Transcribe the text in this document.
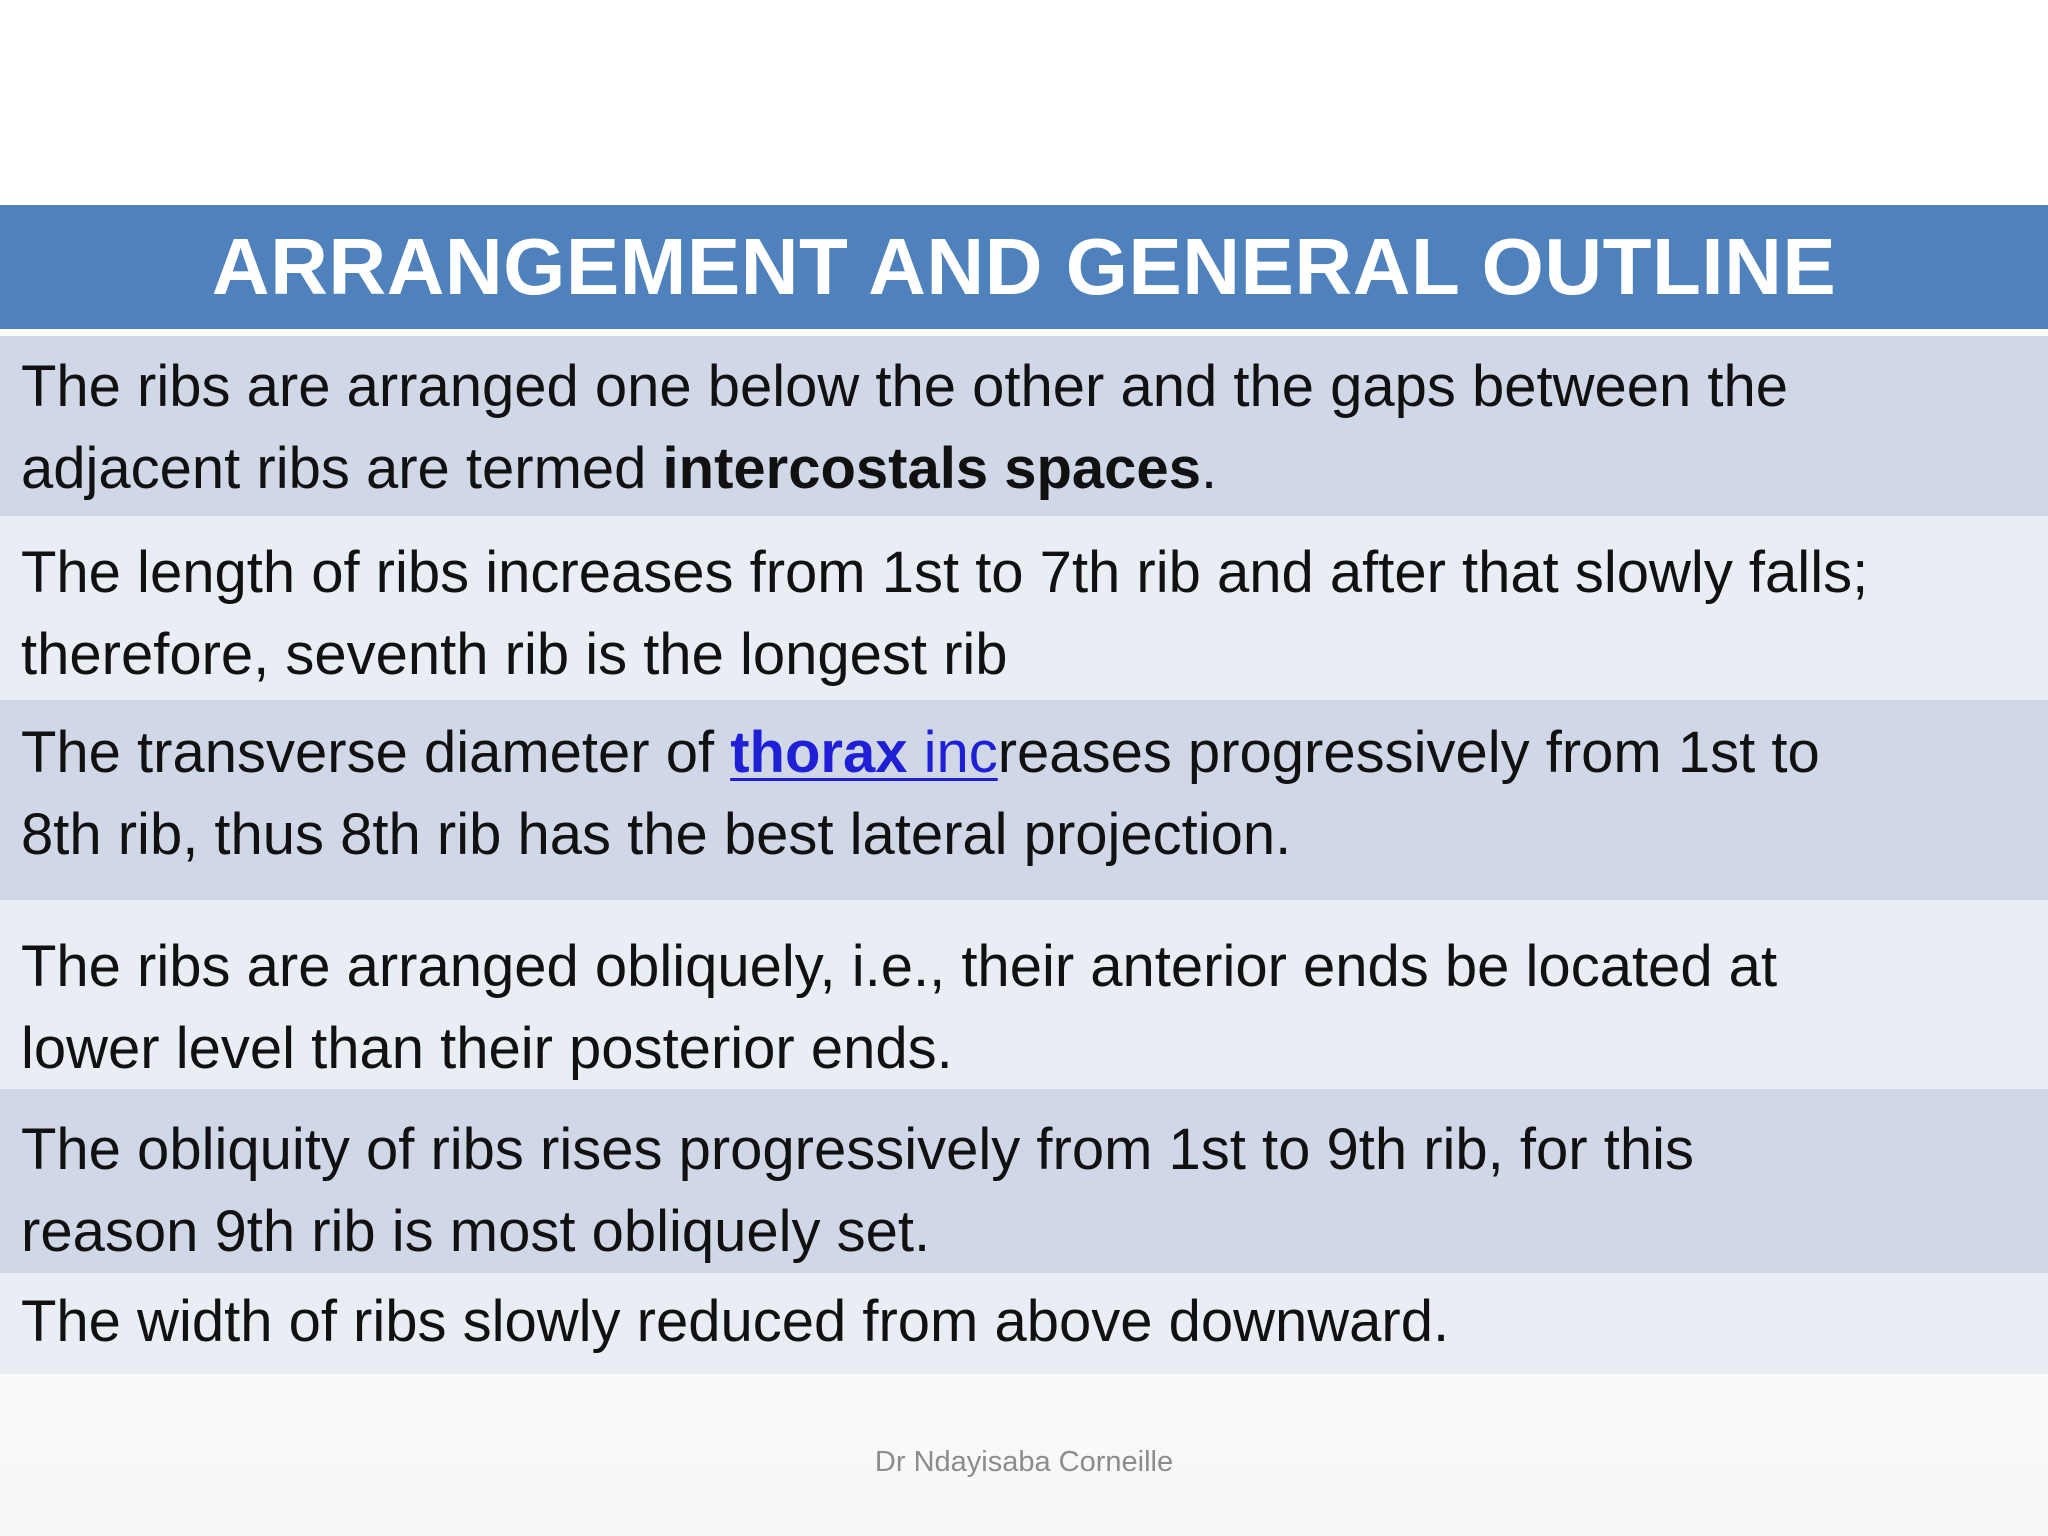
ARRANGEMENT AND GENERAL OUTLINE

The ribs are arranged one below the other and the gaps between the

adjacent ribs are termed intercostals spaces.

The length of ribs increases from 1st to 7th rib and after that slowly falls;

therefore, seventh rib is the longest rib

The transverse diameter of thorax increases progressively from 1st to

8th rib, thus 8th rib has the best lateral projection.

The ribs are arranged obliquely, i.e., their anterior ends be located at

lower level than their posterior ends.

The obliquity of ribs rises progressively from 1st to 9th rib, for this

reason 9th rib is most obliquely set.

The width of ribs slowly reduced from above downward.

Dr Ndayisaba Corneille
